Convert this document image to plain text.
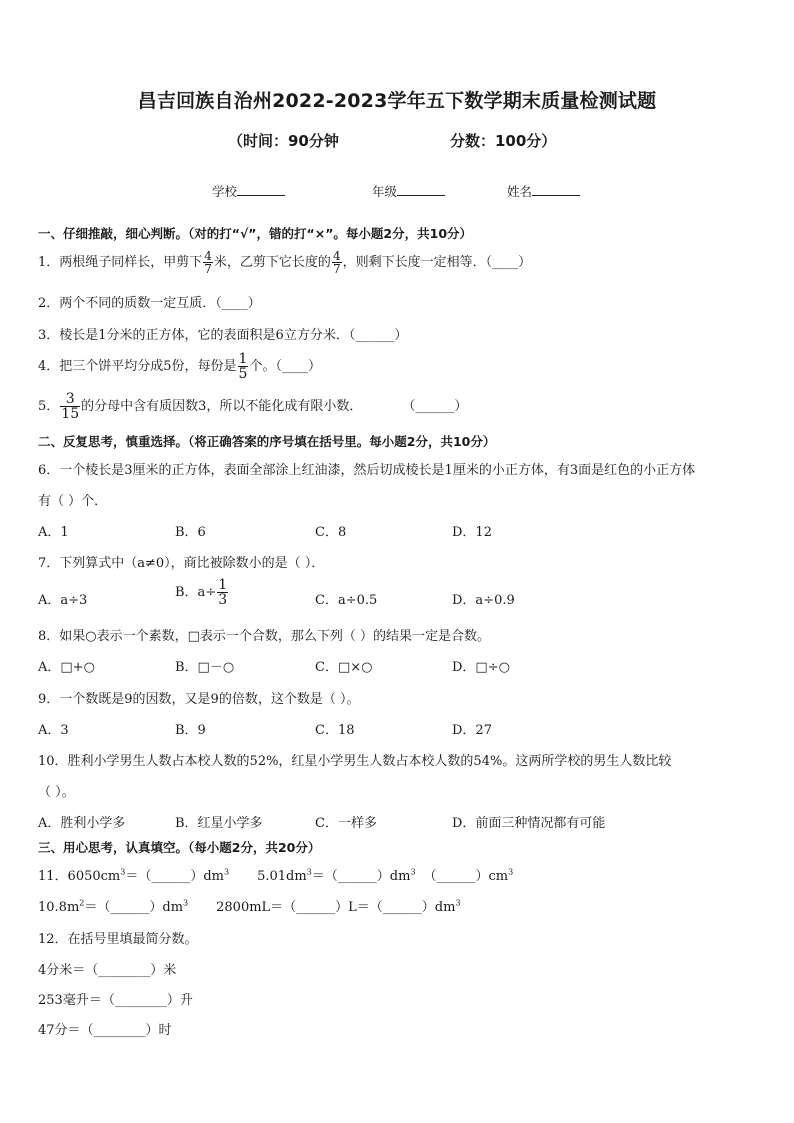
昌吉回族自治州2022-2023学年五下数学期末质量检测试题
（时间：90分钟	分数：100分）
学校	年级	姓名
一、仔细推敲，细心判断。（对的打“√”，错的打“×”。每小题2分，共10分）
1．两根绳子同样长，甲剪下 $\frac{4}{7}$ 米，乙剪下它长度的 $\frac{4}{7}$ ，则剩下长度一定相等．（____）
2．两个不同的质数一定互质．（____）
3．棱长是1分米的正方体，它的表面积是6立方分米．（______）
4．把三个饼平均分成5份，每份是 $\frac{1}{5}$ 个。（____）
5． $\frac{3}{15}$ 的分母中含有质因数3，所以不能化成有限小数．	（______）
二、反复思考，慎重选择。（将正确答案的序号填在括号里。每小题2分，共10分）
6．一个棱长是3厘米的正方体，表面全部涂上红油漆，然后切成棱长是1厘米的小正方体，有3面是红色的小正方体
有（ ）个．
A．1	B．6	C．8	D．12
7．下列算式中（a≠0），商比被除数小的是（ ）．
A．a÷3
B．$a\div \frac{1}{3}$	C．a÷0.5	D．a÷0.9
8．如果○表示一个素数，□表示一个合数，那么下列（ ）的结果一定是合数。
A．□+○	B．□－○	C．□×○	D．□÷○
9．一个数既是9的因数，又是9的倍数，这个数是（ ）。
A．3	B．9	C．18	D．27
10．胜利小学男生人数占本校人数的52%，红星小学男生人数占本校人数的54%。这两所学校的男生人数比较
（ ）。
A．胜利小学多	B．红星小学多	C．一样多	D．前面三种情况都有可能
三、用心思考，认真填空。（每小题2分，共20分）
11．$6050cm^3=(\_\_\_\_\_\_)dm^3$ $5.01dm^3=(\_\_\_\_\_\_)dm^3$ $(\_\_\_\_\_\_)cm^3$
$10.8m^2=(\_\_\_\_\_\_)dm^3$ $2800mL=(\_\_\_\_\_\_)L=(\_\_\_\_\_\_)dm^3$
12．在括号里填最简分数。
4分米＝（________）米
253毫升＝（________）升
47分＝（________）时
